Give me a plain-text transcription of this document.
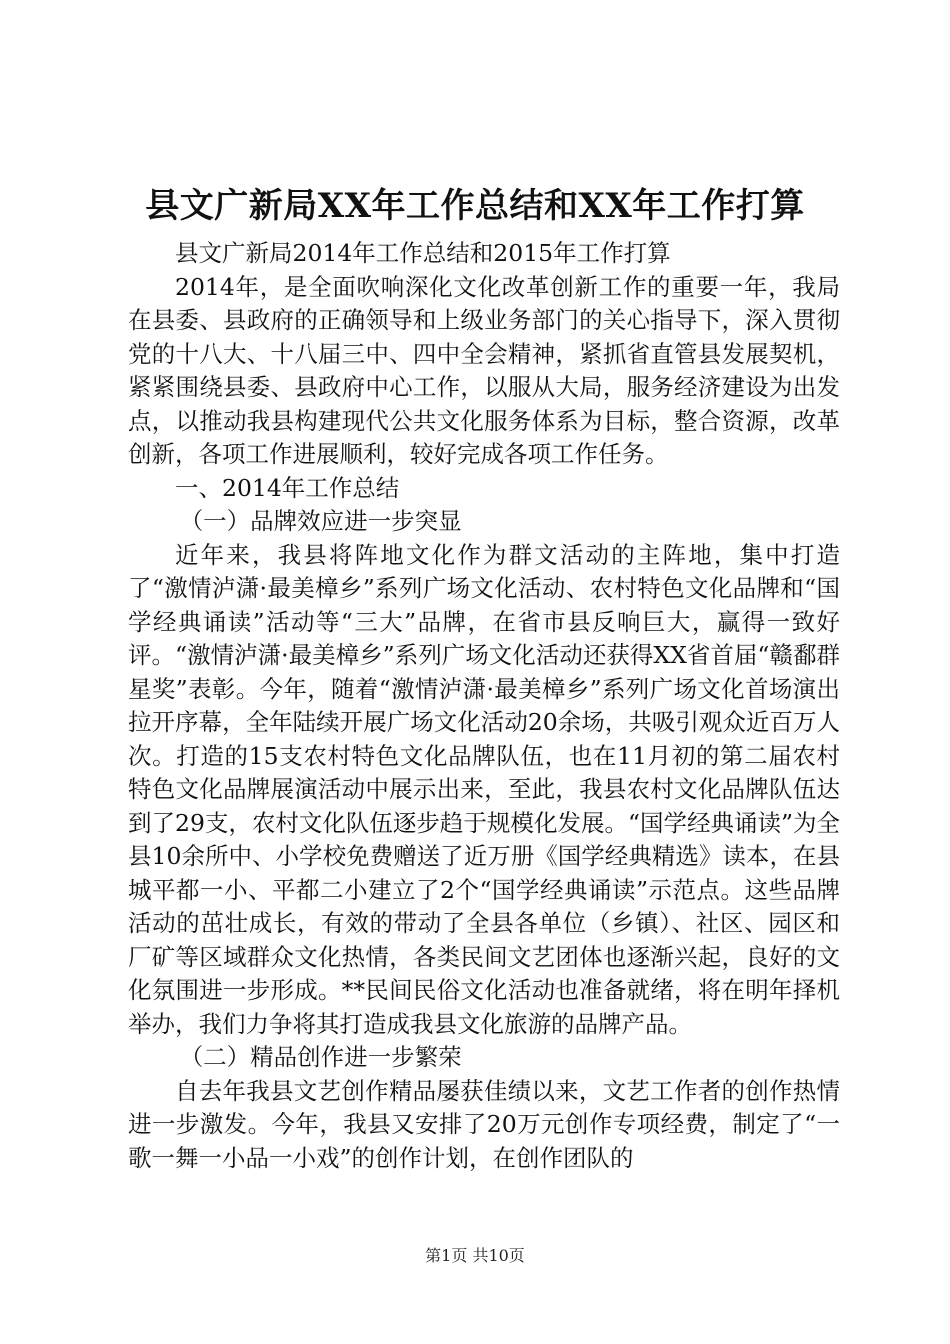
县文广新局XX年工作总结和XX年工作打算

县文广新局2014年工作总结和2015年工作打算

2014年，是全面吹响深化文化改革创新工作的重要一年，我局在县委、县政府的正确领导和上级业务部门的关心指导下，深入贯彻党的十八大、十八届三中、四中全会精神，紧抓省直管县发展契机，紧紧围绕县委、县政府中心工作，以服从大局，服务经济建设为出发点，以推动我县构建现代公共文化服务体系为目标，整合资源，改革创新，各项工作进展顺利，较好完成各项工作任务。

一、2014年工作总结

（一）品牌效应进一步突显

近年来，我县将阵地文化作为群文活动的主阵地，集中打造了“激情泸潇·最美樟乡”系列广场文化活动、农村特色文化品牌和“国学经典诵读”活动等“三大”品牌，在省市县反响巨大，赢得一致好评。“激情泸潇·最美樟乡”系列广场文化活动还获得XX省首届“赣鄱群星奖”表彰。今年，随着“激情泸潇·最美樟乡”系列广场文化首场演出拉开序幕，全年陆续开展广场文化活动20余场，共吸引观众近百万人次。打造的15支农村特色文化品牌队伍，也在11月初的第二届农村特色文化品牌展演活动中展示出来，至此，我县农村文化品牌队伍达到了29支，农村文化队伍逐步趋于规模化发展。“国学经典诵读”为全县10余所中、小学校免费赠送了近万册《国学经典精选》读本，在县城平都一小、平都二小建立了2个“国学经典诵读”示范点。这些品牌活动的茁壮成长，有效的带动了全县各单位（乡镇）、社区、园区和厂矿等区域群众文化热情，各类民间文艺团体也逐渐兴起，良好的文化氛围进一步形成。**民间民俗文化活动也准备就绪，将在明年择机举办，我们力争将其打造成我县文化旅游的品牌产品。

（二）精品创作进一步繁荣

自去年我县文艺创作精品屡获佳绩以来，文艺工作者的创作热情进一步激发。今年，我县又安排了20万元创作专项经费，制定了“一歌一舞一小品一小戏”的创作计划，在创作团队的

第1页 共10页
